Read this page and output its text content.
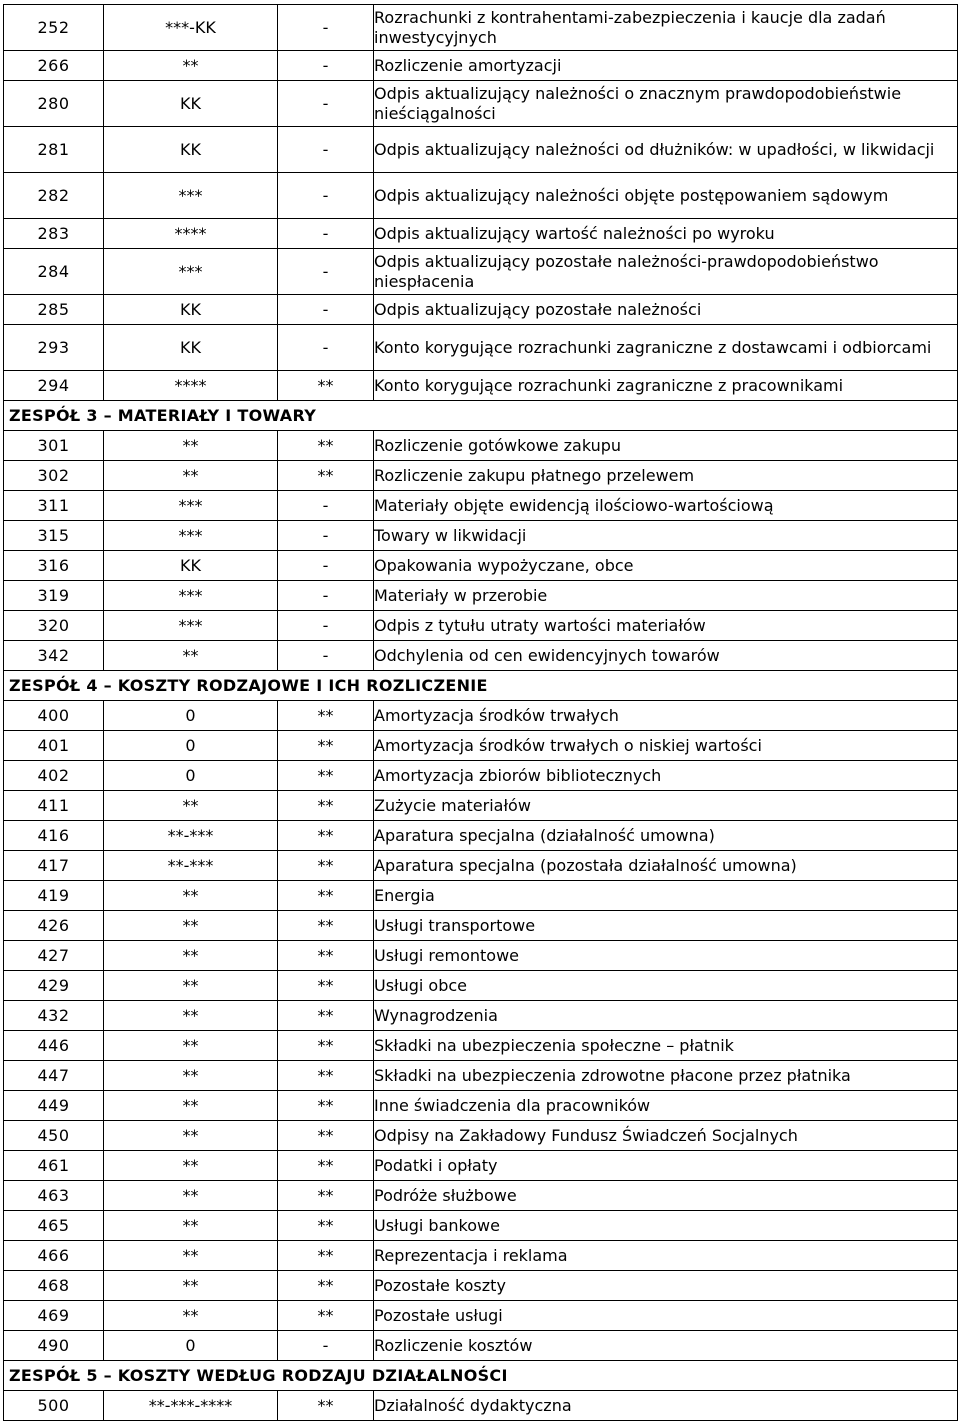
252	***-KK	-	Rozrachunki z kontrahentami-zabezpieczenia i kaucje dla zadań inwestycyjnych
266	**	-	Rozliczenie amortyzacji
280	KK	-	Odpis aktualizujący należności o znacznym prawdopodobieństwie nieściągalności
281	KK	-	Odpis aktualizujący należności od dłużników: w upadłości, w likwidacji
282	***	-	Odpis aktualizujący należności objęte postępowaniem sądowym
283	****	-	Odpis aktualizujący wartość należności po wyroku
284	***	-	Odpis aktualizujący pozostałe należności-prawdopodobieństwo niespłacenia
285	KK	-	Odpis aktualizujący pozostałe należności
293	KK	-	Konto korygujące rozrachunki zagraniczne z dostawcami i odbiorcami
294	****	**	Konto korygujące rozrachunki zagraniczne z pracownikami
ZESPÓŁ 3 – MATERIAŁY I TOWARY			
301	**	**	Rozliczenie gotówkowe zakupu
302	**	**	Rozliczenie zakupu płatnego przelewem
311	***	-	Materiały objęte ewidencją ilościowo-wartościową
315	***	-	Towary w likwidacji
316	KK	-	Opakowania wypożyczane, obce
319	***	-	Materiały w przerobie
320	***	-	Odpis z tytułu utraty wartości materiałów
342	**	-	Odchylenia od cen ewidencyjnych towarów
ZESPÓŁ 4 – KOSZTY RODZAJOWE I ICH ROZLICZENIE			
400	0	**	Amortyzacja środków trwałych
401	0	**	Amortyzacja środków trwałych o niskiej wartości
402	0	**	Amortyzacja zbiorów bibliotecznych
411	**	**	Zużycie materiałów
416	**-***	**	Aparatura specjalna (działalność umowna)
417	**-***	**	Aparatura specjalna (pozostała działalność umowna)
419	**	**	Energia
426	**	**	Usługi transportowe
427	**	**	Usługi remontowe
429	**	**	Usługi obce
432	**	**	Wynagrodzenia
446	**	**	Składki na ubezpieczenia społeczne – płatnik
447	**	**	Składki na ubezpieczenia zdrowotne płacone przez płatnika
449	**	**	Inne świadczenia dla pracowników
450	**	**	Odpisy na Zakładowy Fundusz Świadczeń Socjalnych
461	**	**	Podatki i opłaty
463	**	**	Podróże służbowe
465	**	**	Usługi bankowe
466	**	**	Reprezentacja i reklama
468	**	**	Pozostałe koszty
469	**	**	Pozostałe usługi
490	0	-	Rozliczenie kosztów
ZESPÓŁ 5 – KOSZTY WEDŁUG RODZAJU DZIAŁALNOŚCI			
500	**-***-****	**	Działalność dydaktyczna
